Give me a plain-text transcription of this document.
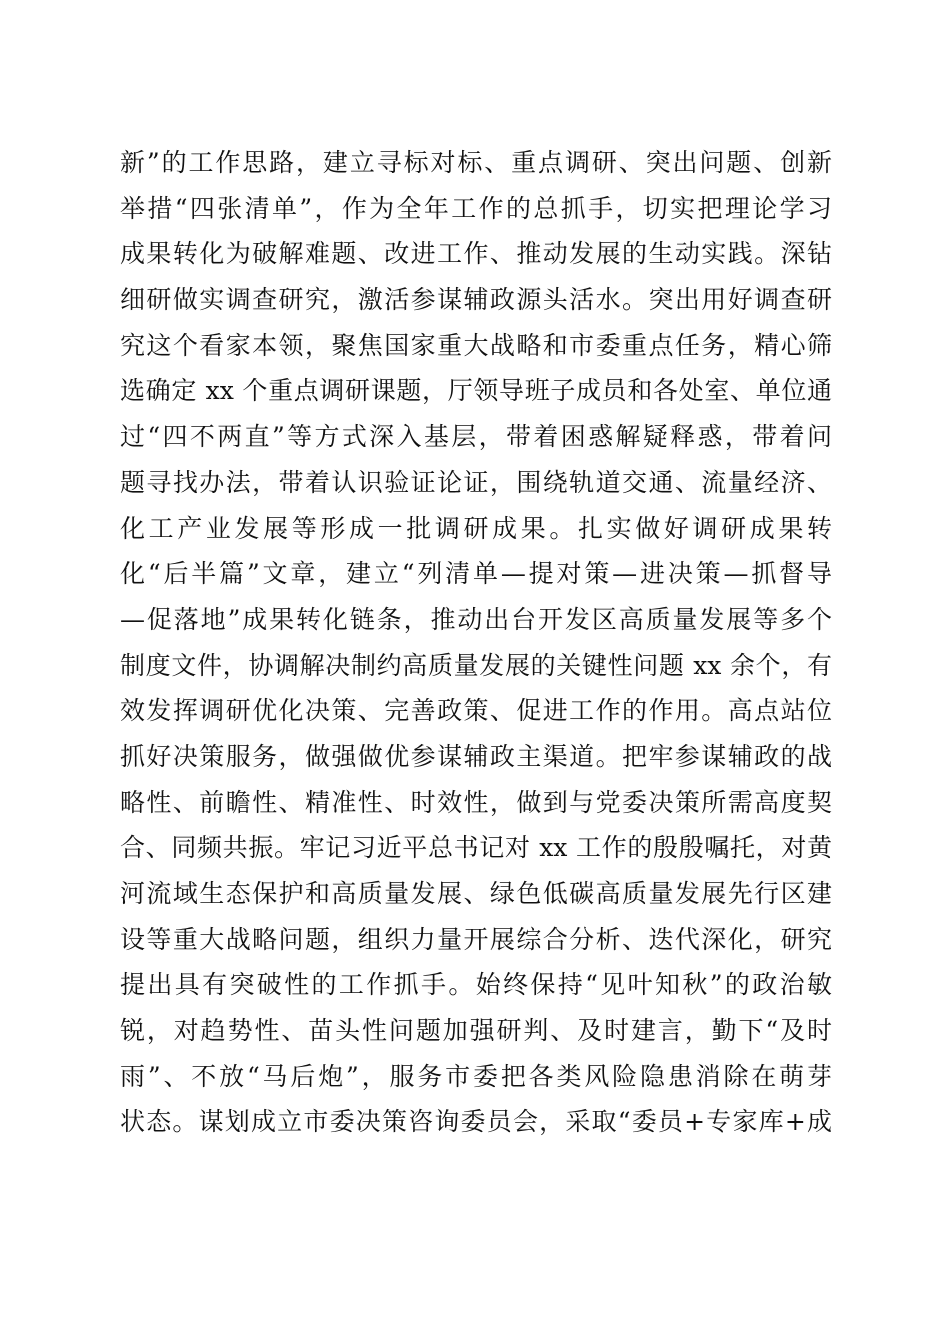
新”的工作思路，建立寻标对标、重点调研、突出问题、创新
举措“四张清单”，作为全年工作的总抓手，切实把理论学习
成果转化为破解难题、改进工作、推动发展的生动实践。深钻
细研做实调查研究，激活参谋辅政源头活水。突出用好调查研
究这个看家本领，聚焦国家重大战略和市委重点任务，精心筛
选确定 xx 个重点调研课题，厅领导班子成员和各处室、单位通
过“四不两直”等方式深入基层，带着困惑解疑释惑，带着问
题寻找办法，带着认识验证论证，围绕轨道交通、流量经济、
化工产业发展等形成一批调研成果。扎实做好调研成果转
化“后半篇”文章，建立“列清单—提对策—进决策—抓督导
—促落地”成果转化链条，推动出台开发区高质量发展等多个
制度文件，协调解决制约高质量发展的关键性问题 xx 余个，有
效发挥调研优化决策、完善政策、促进工作的作用。高点站位
抓好决策服务，做强做优参谋辅政主渠道。把牢参谋辅政的战
略性、前瞻性、精准性、时效性，做到与党委决策所需高度契
合、同频共振。牢记习近平总书记对 xx 工作的殷殷嘱托，对黄
河流域生态保护和高质量发展、绿色低碳高质量发展先行区建
设等重大战略问题，组织力量开展综合分析、迭代深化，研究
提出具有突破性的工作抓手。始终保持“见叶知秋”的政治敏
锐，对趋势性、苗头性问题加强研判、及时建言，勤下“及时
雨”、不放“马后炮”，服务市委把各类风险隐患消除在萌芽
状态。谋划成立市委决策咨询委员会，采取“委员+专家库+成
